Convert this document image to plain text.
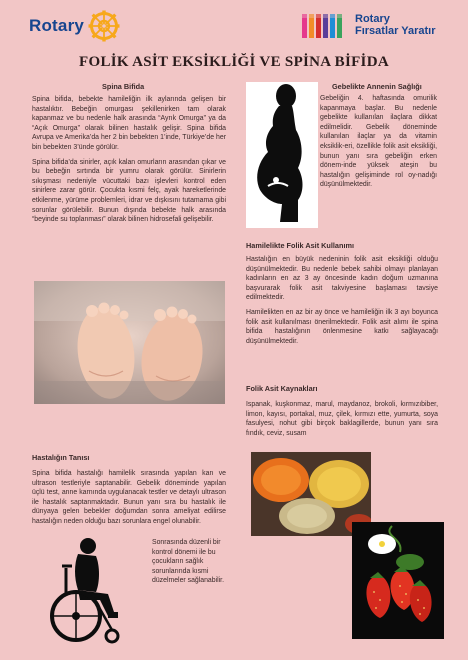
Rotary	Rotary
Fırsatlar Yaratır
FOLİK ASİT EKSİKLİĞİ VE SPİNA BİFİDA
Spina Bifida

Spina bifida, bebekte hamileliğin ilk aylarında gelişen bir hastalıktır. Bebeğin omurgası şekillenirken tam olarak kapanmaz ve bu nedenle halk arasında “Ayrık Omurga” ya da “Açık Omurga” olarak bilinen hastalık gelişir. Spina bifida Avrupa ve Amerika’da her 2 bin bebekten 1’inde, Türkiye’de her bin bebekten 3’ünde görülür.

Spina bifida’da sinirler, açık kalan omurların arasından çıkar ve bu bebeğin sırtında bir yumru olarak görülür. Sinirlerin sıkışması nedeniyle vücuttaki bazı işlevleri kontrol eden sinirlere zarar görür. Çocukta kısmi felç, ayak hareketlerinde etkilenme, yürüme problemleri, idrar ve dışkısını tutamama gibi sorunlar görülebilir. Bunun dışında bebekte halk arasında “beyinde su toplanması” olarak bilinen hidrosefali gelişebilir.

Gebelikte Annenin Sağlığı

Gebeliğin 4. haftasında omurilik kapanmaya başlar. Bu nedenle gebelikte kullanılan ilaçlara dikkat edilmelidir. Gebelik döneminde kullanılan ilaçlar ya da vitamin eksiklik-eri, özellikle folik asit eksikliği, bunun yanı sıra gebeliğin erken dönem-inde yüksek ateşin bu hastalığın gelişiminde rol oy-nadığı düşünülmektedir.

Hamilelikte Folik Asit Kullanımı

Hastalığın en büyük nedeninin folik asit eksikliği olduğu düşünülmektedir. Bu nedenle bebek sahibi olmayı planlayan kadınların en az 3 ay öncesinde kadın doğum uzmanına başvurarak folik asit takviyesine başlaması tavsiye edilmektedir.

Hamilelikten en az bir ay önce ve hamileliğin ilk 3 ayı boyunca folik asit kullanılması önerilmektedir. Folik asit alımı ile spina bifida hastalığının önlenmesine katkı sağlayacağı düşünülmektedir.

Folik Asit Kaynakları

Ispanak, kuşkonmaz, marul, maydanoz, brokoli, kırmızıbiber, limon, kayısı, portakal, muz, çilek, kırmızı ette, yumurta, soya fasulyesi, nohut gibi birçok baklagillerde, bunun yanı sıra fındık, ceviz, susam

Hastalığın Tanısı

Spina bifida hastalığı hamilelik sırasında yapılan kan ve ultrason testleriyle saptanabilir. Gebelik döneminde yapılan üçlü test, anne karnında uygulanacak testler ve detaylı ultrason ile hastalık saptanmaktadır. Bunun yanı sıra bu hastalık ile dünyaya gelen bebekler doğumdan sonra ameliyat edilirse hastalığın neden olduğu bazı sorunlara engel olunabilir.

Sonrasında düzenli bir kontrol dönemi ile bu çocukların sağlık sorunlarında kısmi düzelmeler sağlanabilir.
